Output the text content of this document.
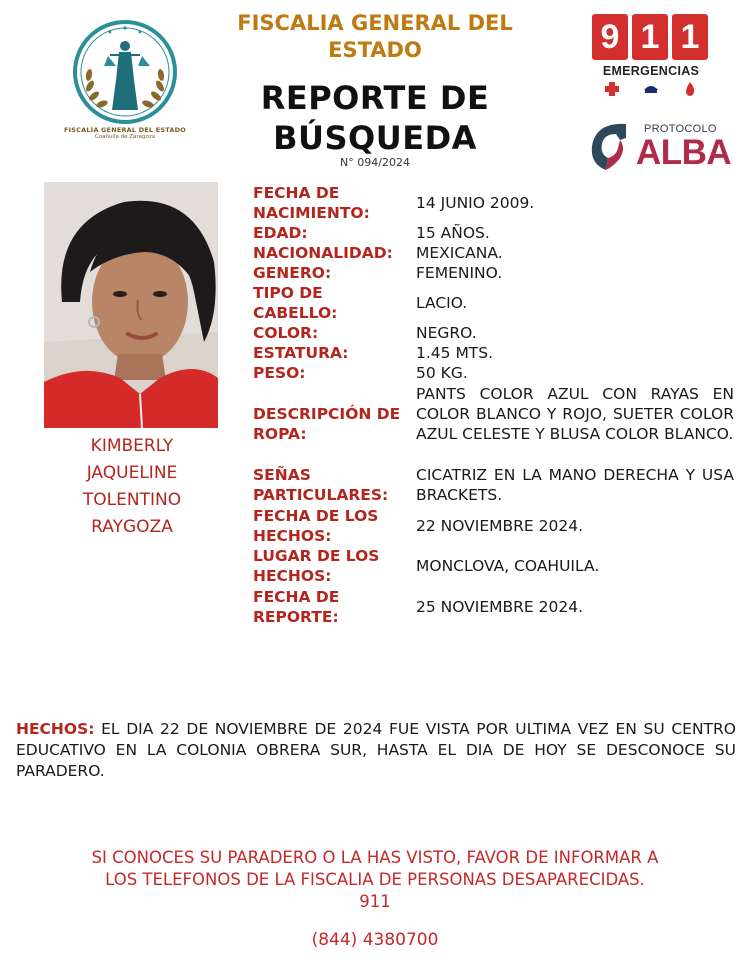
FISCALÍA GENERAL DEL ESTADO
Coahuila de Zaragoza
FISCALIA GENERAL DEL ESTADO
REPORTE DE BÚSQUEDA
N° 094/2024
9 1 1
EMERGENCIAS
PROTOCOLO
ALBA
KIMBERLY
JAQUELINE
TOLENTINO
RAYGOZA
FECHA DE
NACIMIENTO:
14 JUNIO 2009.
EDAD:	15 AÑOS.
NACIONALIDAD: MEXICANA.
GENERO:	FEMENINO.
TIPO DE
CABELLO:
LACIO.
COLOR:	NEGRO.
ESTATURA:	1.45 MTS.
PESO:	50 KG.
DESCRIPCIÓN DE
ROPA:
PANTS COLOR AZUL CON RAYAS EN COLOR BLANCO Y ROJO, SUETER COLOR AZUL CELESTE Y BLUSA COLOR BLANCO.
SEÑAS
PARTICULARES:
CICATRIZ EN LA MANO DERECHA Y USA BRACKETS.
FECHA DE LOS
HECHOS:
22 NOVIEMBRE 2024.
LUGAR DE LOS
HECHOS:
MONCLOVA, COAHUILA.
FECHA DE
REPORTE:
25 NOVIEMBRE 2024.
HECHOS: EL DIA 22 DE NOVIEMBRE DE 2024 FUE VISTA POR ULTIMA VEZ EN SU CENTRO EDUCATIVO EN LA COLONIA OBRERA SUR, HASTA EL DIA DE HOY SE DESCONOCE SU PARADERO.
SI CONOCES SU PARADERO O LA HAS VISTO, FAVOR DE INFORMAR A
LOS TELEFONOS DE LA FISCALIA DE PERSONAS DESAPARECIDAS.
911
(844) 4380700
